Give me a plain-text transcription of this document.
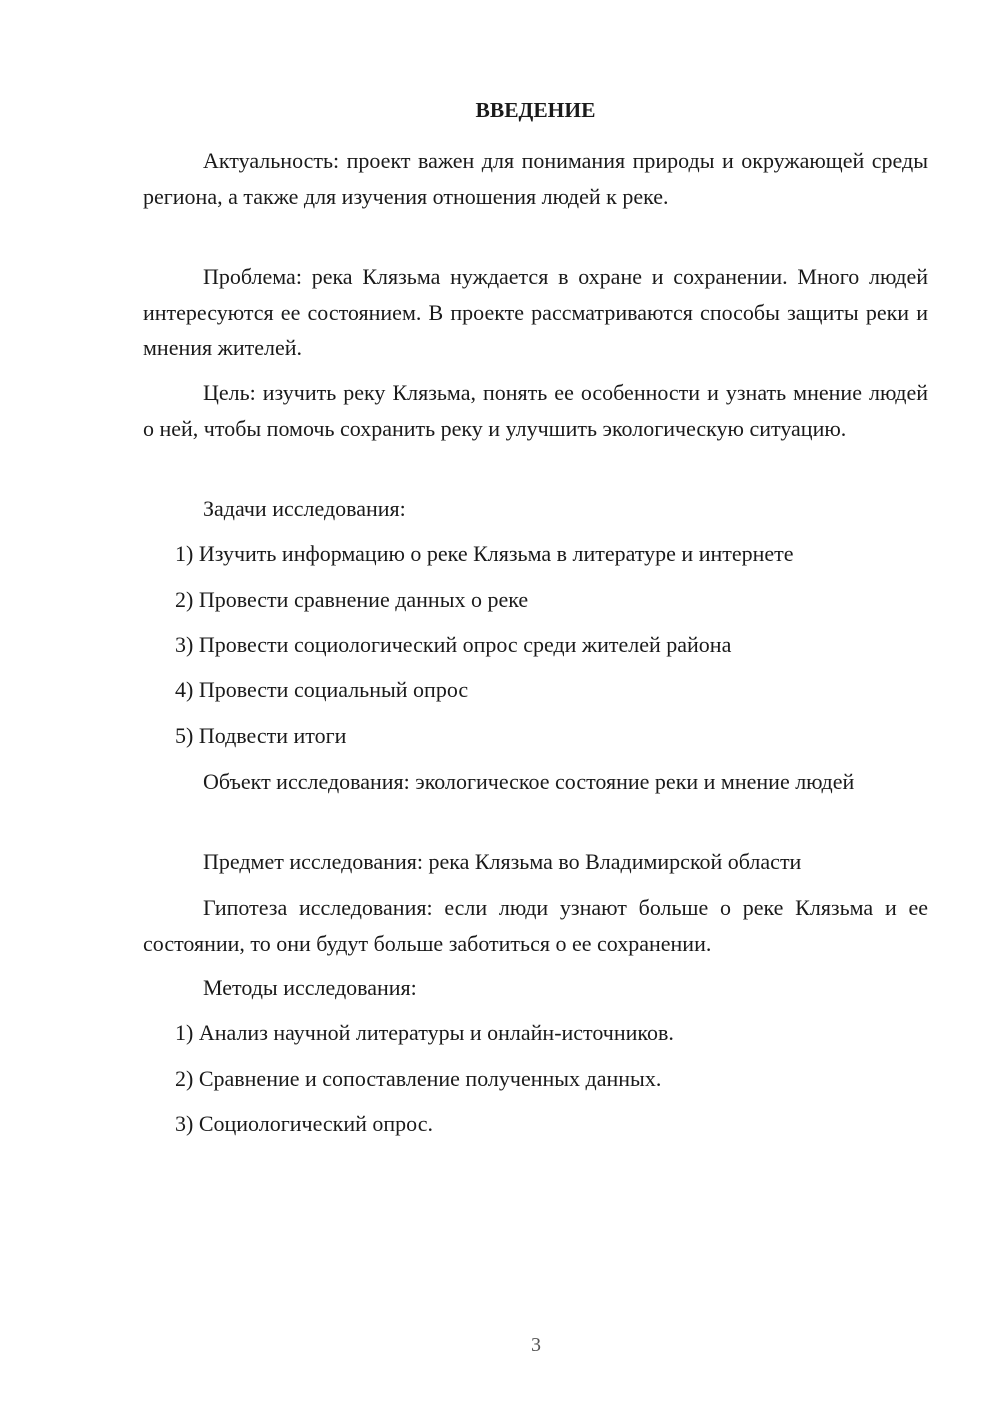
ВВЕДЕНИЕ

Актуальность: проект важен для понимания природы и окружающей среды региона, а также для изучения отношения людей к реке.

Проблема: река Клязьма нуждается в охране и сохранении. Много людей интересуются ее состоянием. В проекте рассматриваются способы защиты реки и мнения жителей.

Цель: изучить реку Клязьма, понять ее особенности и узнать мнение людей о ней, чтобы помочь сохранить реку и улучшить экологическую ситуацию.

Задачи исследования:

1) Изучить информацию о реке Клязьма в литературе и интернете

2) Провести сравнение данных о реке

3) Провести социологический опрос среди жителей района

4) Провести социальный опрос

5) Подвести итоги

Объект исследования: экологическое состояние реки и мнение людей

Предмет исследования: река Клязьма во Владимирской области

Гипотеза исследования: если люди узнают больше о реке Клязьма и ее состоянии, то они будут больше заботиться о ее сохранении.

Методы исследования:

1) Анализ научной литературы и онлайн-источников.

2) Сравнение и сопоставление полученных данных.

3) Социологический опрос.

3
